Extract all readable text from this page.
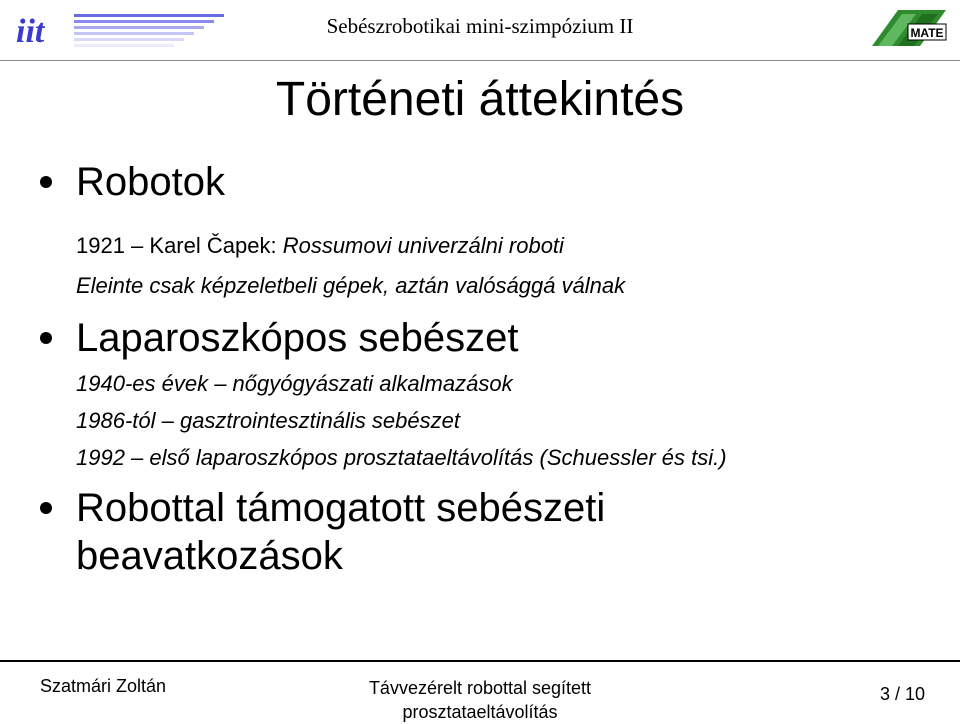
iit	Sebészrobotikai mini-szimpózium II	MATE
Történeti áttekintés
Robotok
1921 – Karel Čapek: Rossumovi univerzálni roboti
Eleinte csak képzeletbeli gépek, aztán valósággá válnak
Laparoszkópos sebészet
1940-es évek – nőgyógyászati alkalmazások
1986-tól – gasztrointesztinális sebészet
1992 – első laparoszkópos prosztataeltávolítás (Schuessler és tsi.)
Robottal támogatott sebészeti
beavatkozások
Szatmári Zoltán	Távvezérelt robottal segített
prosztataeltávolítás
3 / 10
